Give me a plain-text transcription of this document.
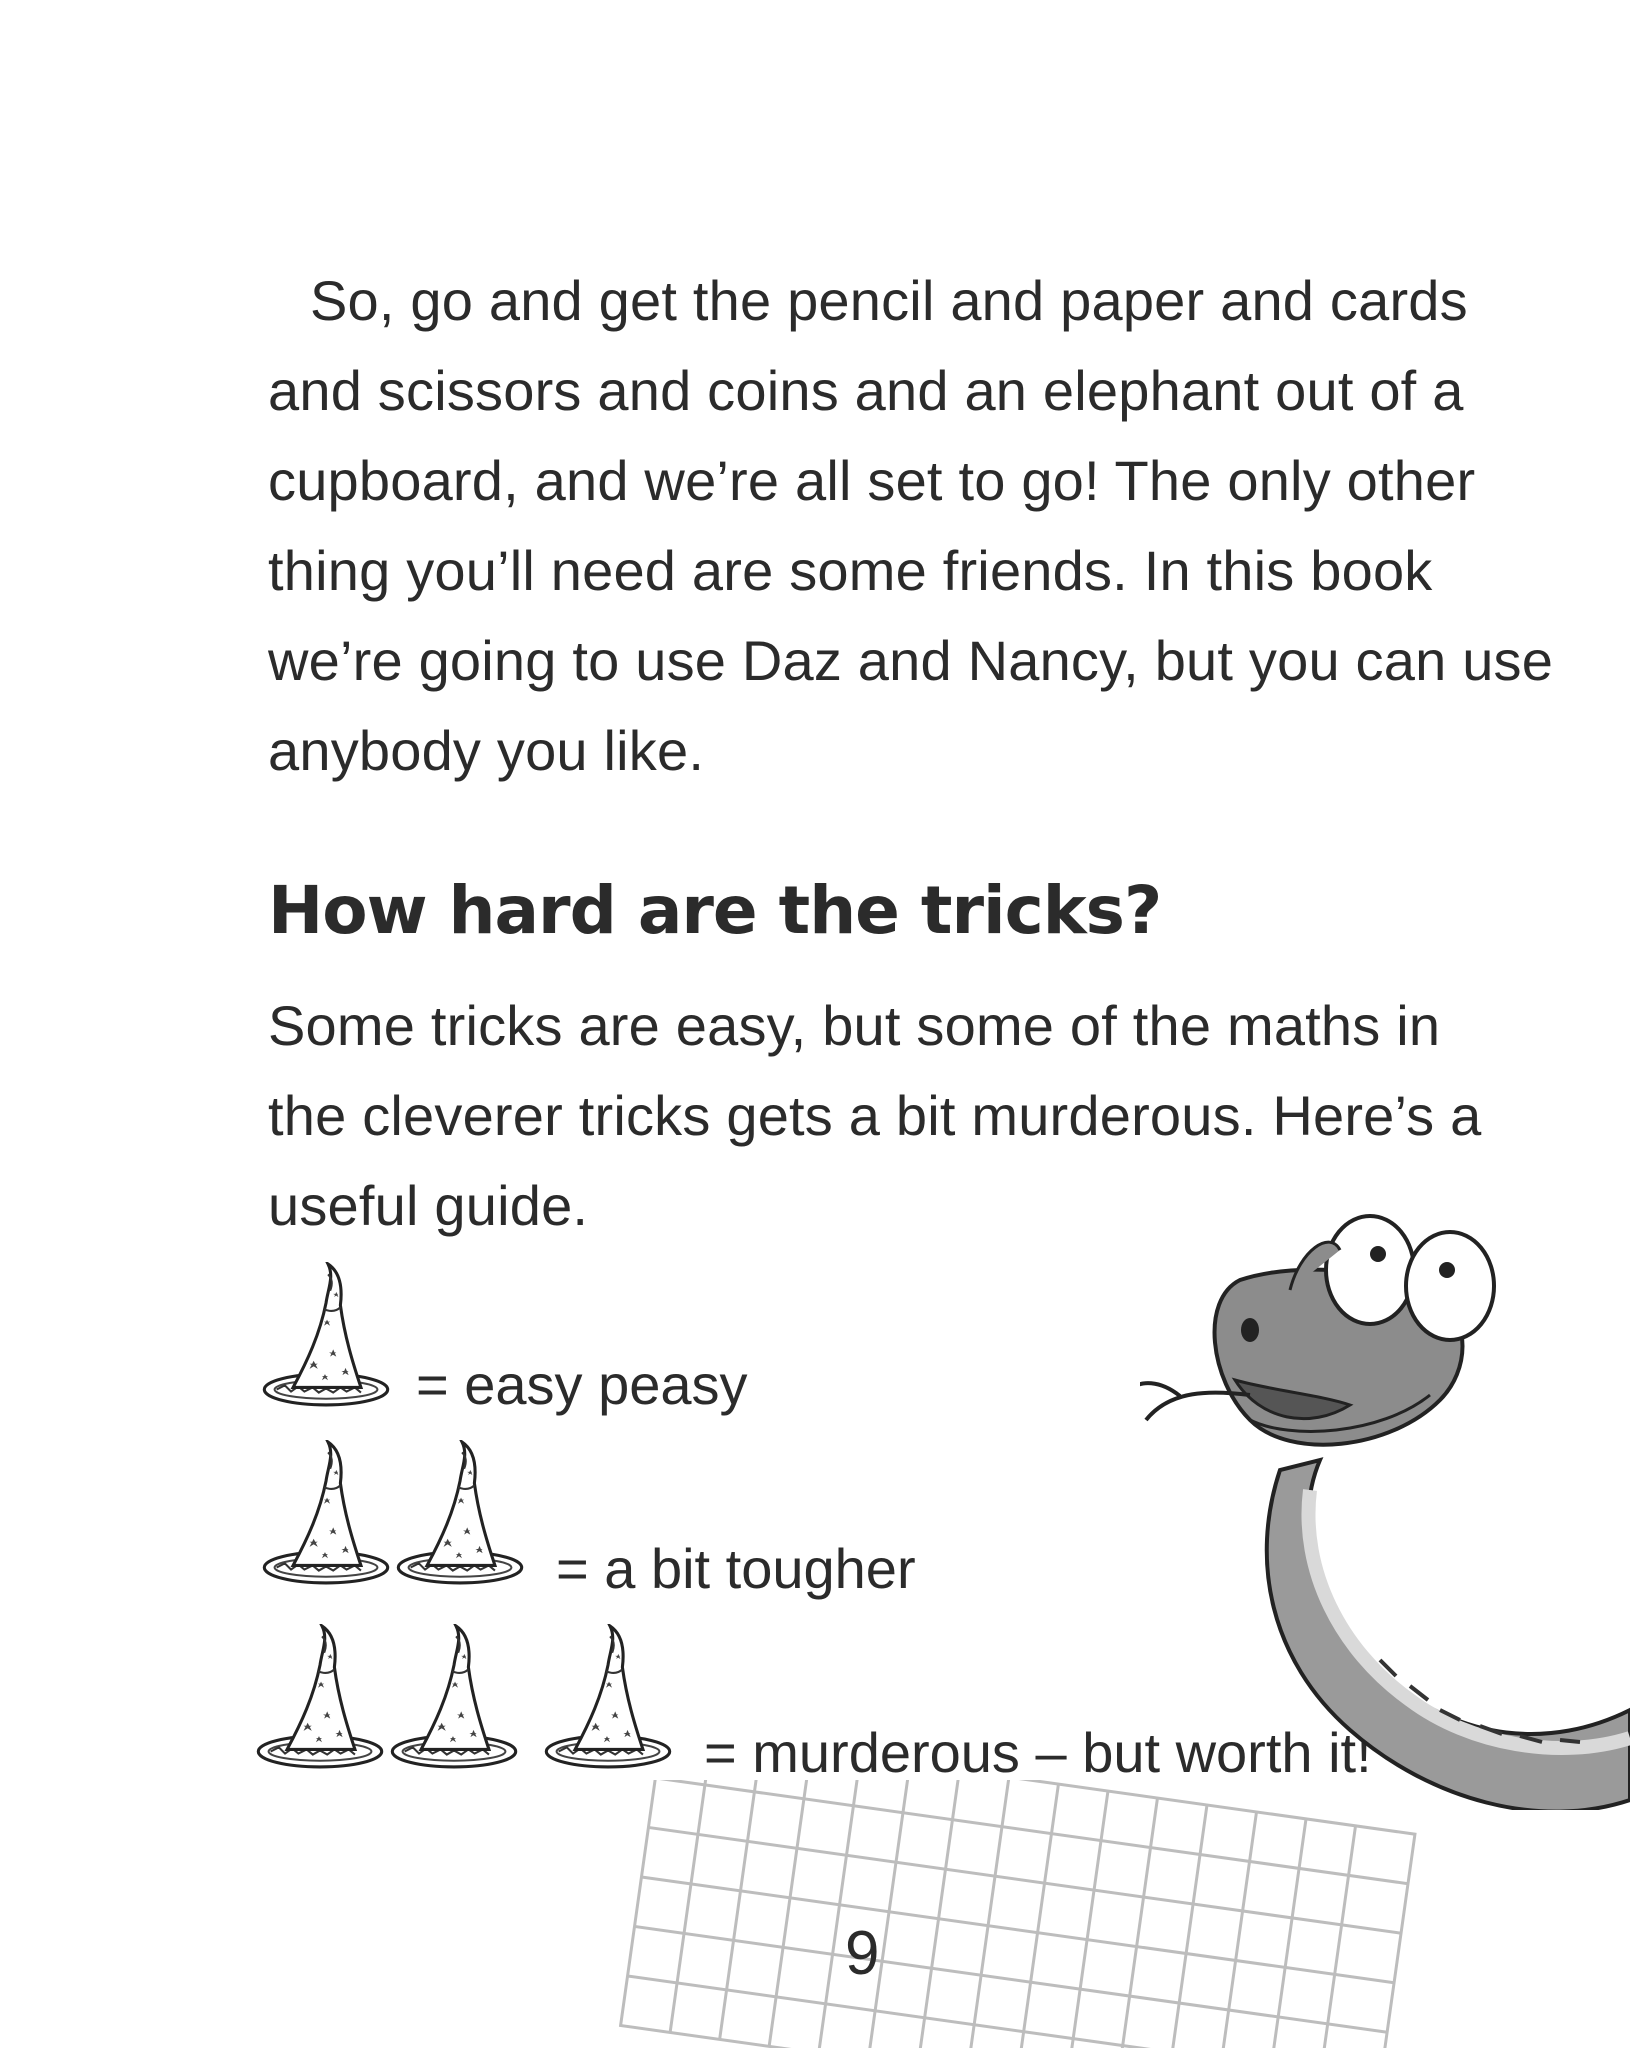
So, go and get the pencil and paper and cards
and scissors and coins and an elephant out of a
cupboard, and we’re all set to go! The only other
thing you’ll need are some friends. In this book
we’re going to use Daz and Nancy, but you can use
anybody you like.

How hard are the tricks?

Some tricks are easy, but some of the maths in
the cleverer tricks gets a bit murderous. Here’s a
useful guide.

= easy peasy
= a bit tougher
= murderous – but worth it!
9
